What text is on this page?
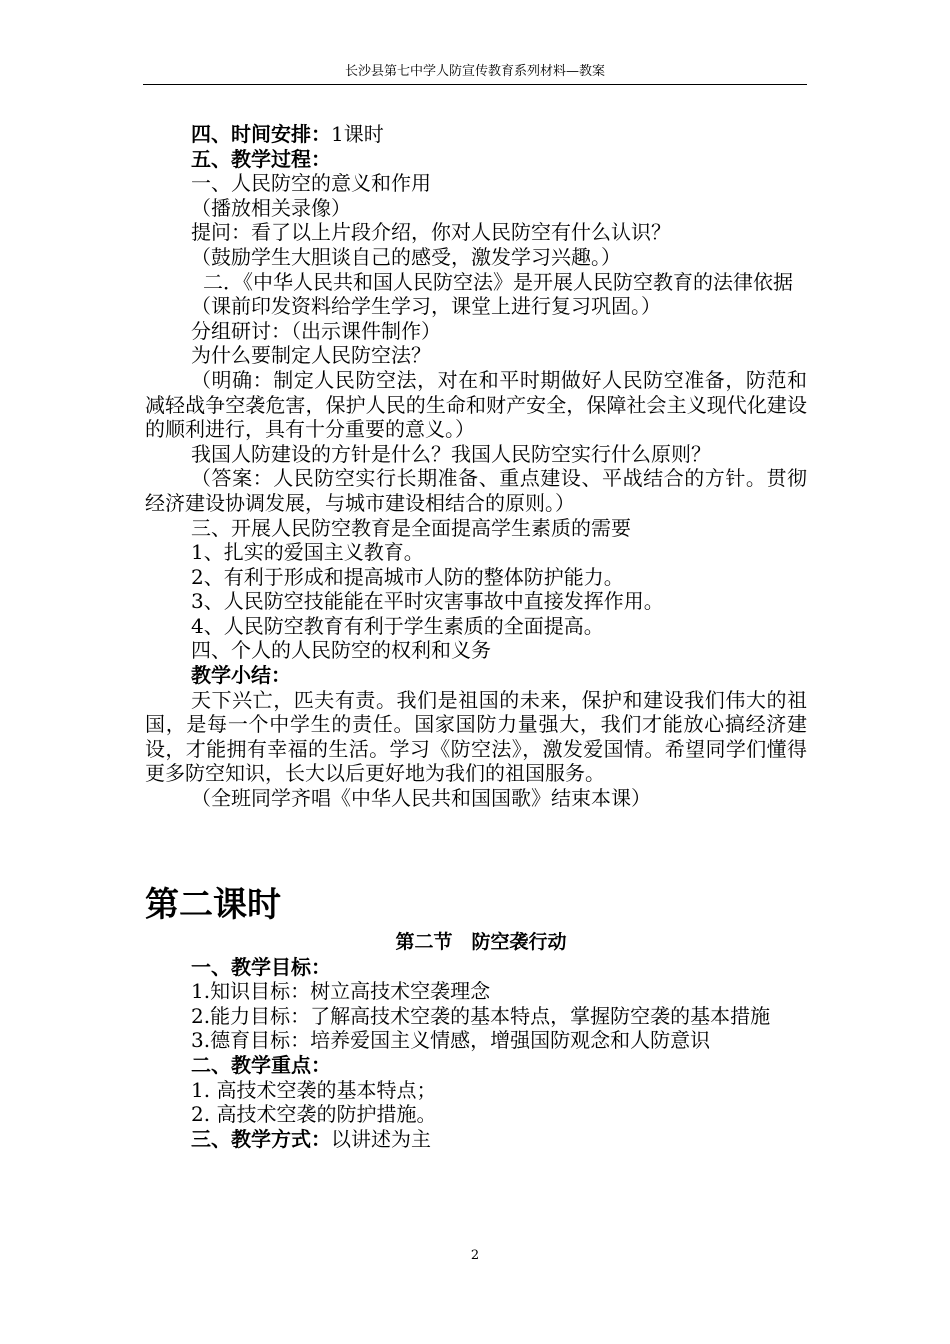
长沙县第七中学人防宣传教育系列材料—教案

四、时间安排：1课时

五、教学过程：

一、人民防空的意义和作用

（播放相关录像）

提问：看了以上片段介绍，你对人民防空有什么认识？

（鼓励学生大胆谈自己的感受，激发学习兴趣。）

二．《中华人民共和国人民防空法》是开展人民防空教育的法律依据

（课前印发资料给学生学习，课堂上进行复习巩固。）

分组研讨：（出示课件制作）

为什么要制定人民防空法？

（明确：制定人民防空法，对在和平时期做好人民防空准备，防范和减轻战争空袭危害，保护人民的生命和财产安全，保障社会主义现代化建设的顺利进行，具有十分重要的意义。）

我国人防建设的方针是什么？我国人民防空实行什么原则？

（答案：人民防空实行长期准备、重点建设、平战结合的方针。贯彻经济建设协调发展，与城市建设相结合的原则。）

三、开展人民防空教育是全面提高学生素质的需要

1、扎实的爱国主义教育。

2、有利于形成和提高城市人防的整体防护能力。

3、人民防空技能能在平时灾害事故中直接发挥作用。

4、人民防空教育有利于学生素质的全面提高。

四、个人的人民防空的权利和义务

教学小结：

天下兴亡，匹夫有责。我们是祖国的未来，保护和建设我们伟大的祖国，是每一个中学生的责任。国家国防力量强大，我们才能放心搞经济建设，才能拥有幸福的生活。学习《防空法》，激发爱国情。希望同学们懂得更多防空知识，长大以后更好地为我们的祖国服务。

（全班同学齐唱《中华人民共和国国歌》结束本课）

第二课时

第二节　防空袭行动

一、教学目标：

1.知识目标：树立高技术空袭理念

2.能力目标：了解高技术空袭的基本特点，掌握防空袭的基本措施

3.德育目标：培养爱国主义情感，增强国防观念和人防意识

二、教学重点：

1. 高技术空袭的基本特点；

2. 高技术空袭的防护措施。

三、教学方式：以讲述为主

2
